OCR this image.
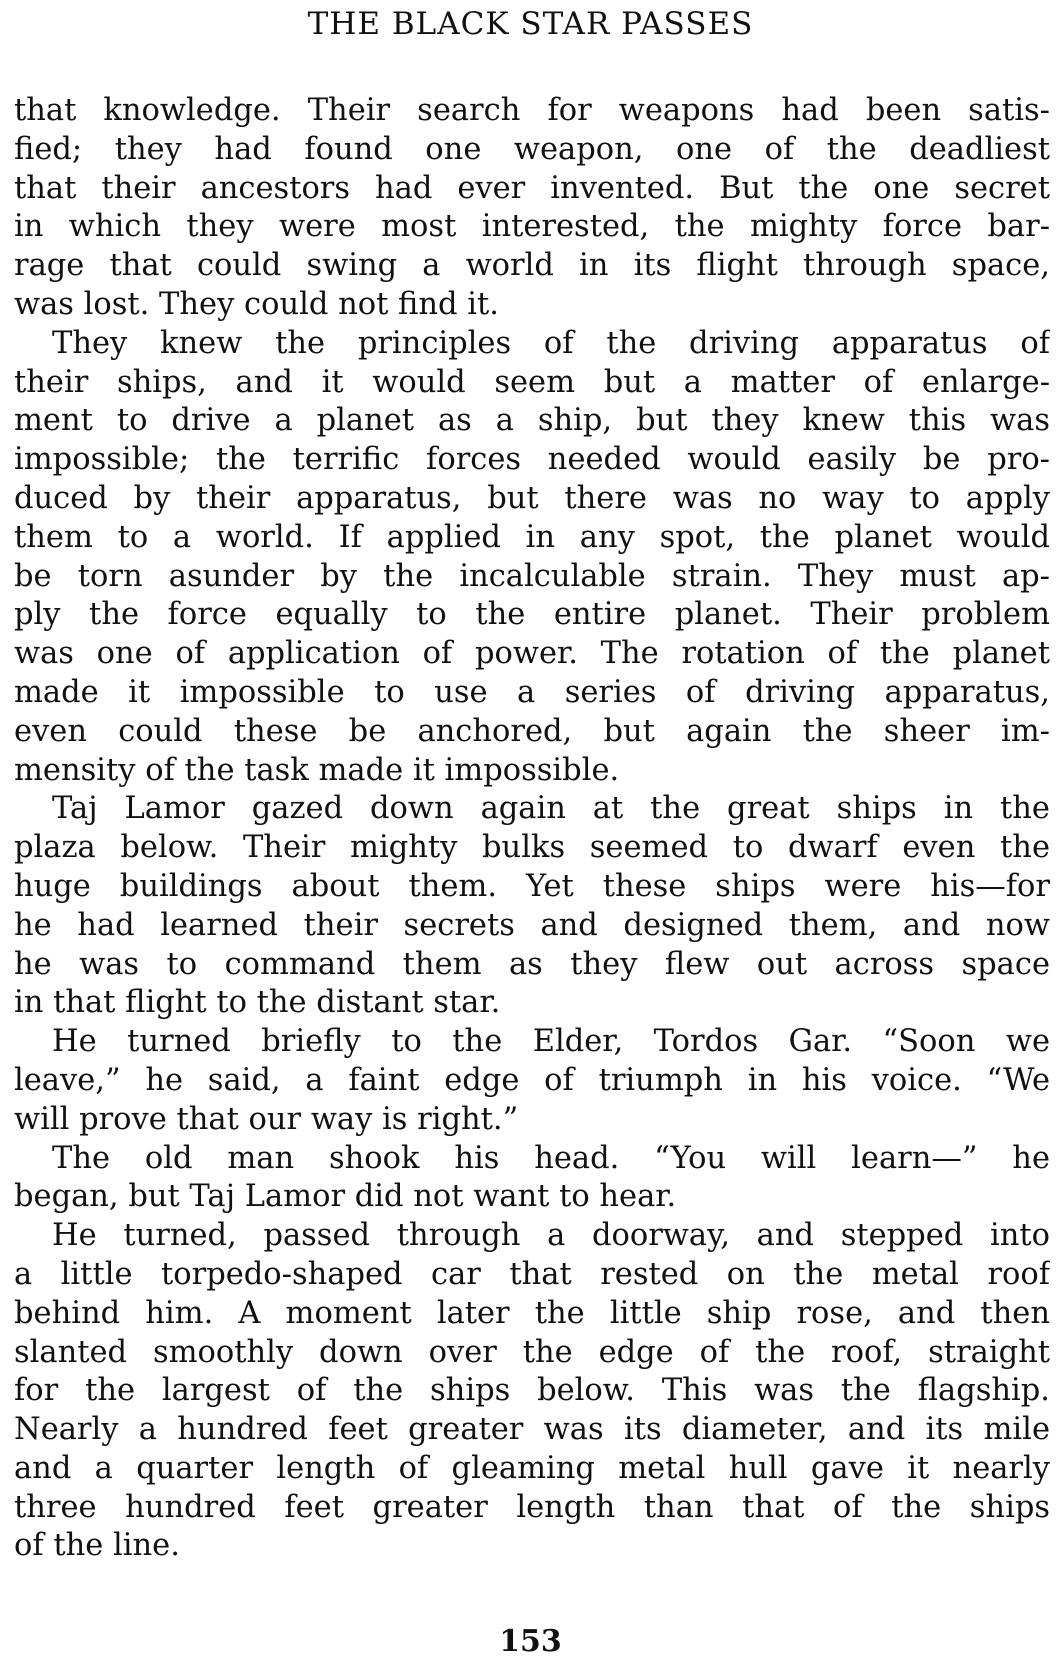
THE BLACK STAR PASSES
that knowledge. Their search for weapons had been satis-
fied; they had found one weapon, one of the deadliest
that their ancestors had ever invented. But the one secret
in which they were most interested, the mighty force bar-
rage that could swing a world in its flight through space,
was lost. They could not find it.
They knew the principles of the driving apparatus of
their ships, and it would seem but a matter of enlarge-
ment to drive a planet as a ship, but they knew this was
impossible; the terrific forces needed would easily be pro-
duced by their apparatus, but there was no way to apply
them to a world. If applied in any spot, the planet would
be torn asunder by the incalculable strain. They must ap-
ply the force equally to the entire planet. Their problem
was one of application of power. The rotation of the planet
made it impossible to use a series of driving apparatus,
even could these be anchored, but again the sheer im-
mensity of the task made it impossible.
Taj Lamor gazed down again at the great ships in the
plaza below. Their mighty bulks seemed to dwarf even the
huge buildings about them. Yet these ships were his—for
he had learned their secrets and designed them, and now
he was to command them as they flew out across space
in that flight to the distant star.
He turned briefly to the Elder, Tordos Gar. “Soon we
leave,” he said, a faint edge of triumph in his voice. “We
will prove that our way is right.”
The old man shook his head. “You will learn—” he
began, but Taj Lamor did not want to hear.
He turned, passed through a doorway, and stepped into
a little torpedo-shaped car that rested on the metal roof
behind him. A moment later the little ship rose, and then
slanted smoothly down over the edge of the roof, straight
for the largest of the ships below. This was the flagship.
Nearly a hundred feet greater was its diameter, and its mile
and a quarter length of gleaming metal hull gave it nearly
three hundred feet greater length than that of the ships
of the line.
153
